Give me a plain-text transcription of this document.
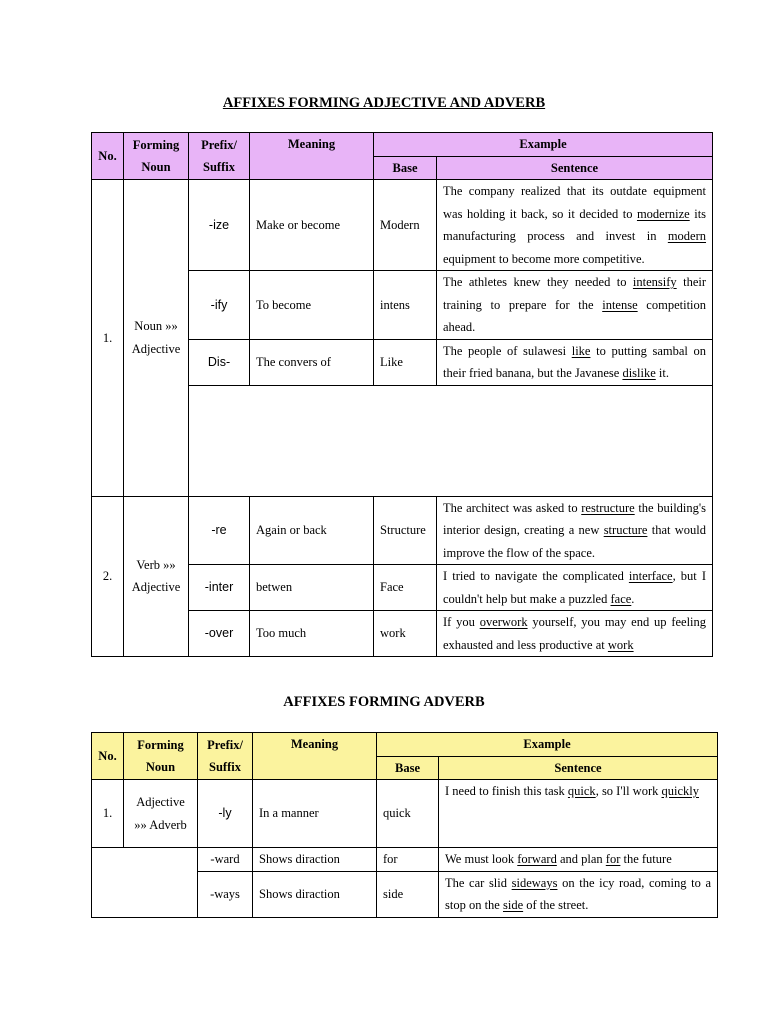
AFFIXES FORMING ADJECTIVE AND ADVERB
No.	Forming Noun	Prefix/ Suffix	Meaning	Example	
				Base	Sentence
1.	Noun »» Adjective	-ize	Make or become	Modern	The company realized that its outdate equipment was holding it back, so it decided to modernize its manufacturing process and invest in modern equipment to become more competitive.
		-ify	To become	intens	The athletes knew they needed to intensify their training to prepare for the intense competition ahead.
		Dis-	The convers of	Like	The people of sulawesi like to putting sambal on their fried banana, but the Javanese dislike it.

2.	Verb »» Adjective	-re	Again or back	Structure	The architect was asked to restructure the building's interior design, creating a new structure that would improve the flow of the space.
		-inter	betwen	Face	I tried to navigate the complicated interface, but I couldn't help but make a puzzled face.
		-over	Too much	work	If you overwork yourself, you may end up feeling exhausted and less productive at work
AFFIXES FORMING ADVERB
No.	Forming Noun	Prefix/ Suffix	Meaning	Example	
				Base	Sentence
1.	Adjective »» Adverb	-ly	In a manner	quick	I need to finish this task quick, so I'll work quickly
		-ward	Shows diraction	for	We must look forward and plan for the future
		-ways	Shows diraction	side	The car slid sideways on the icy road, coming to a stop on the side of the street.
